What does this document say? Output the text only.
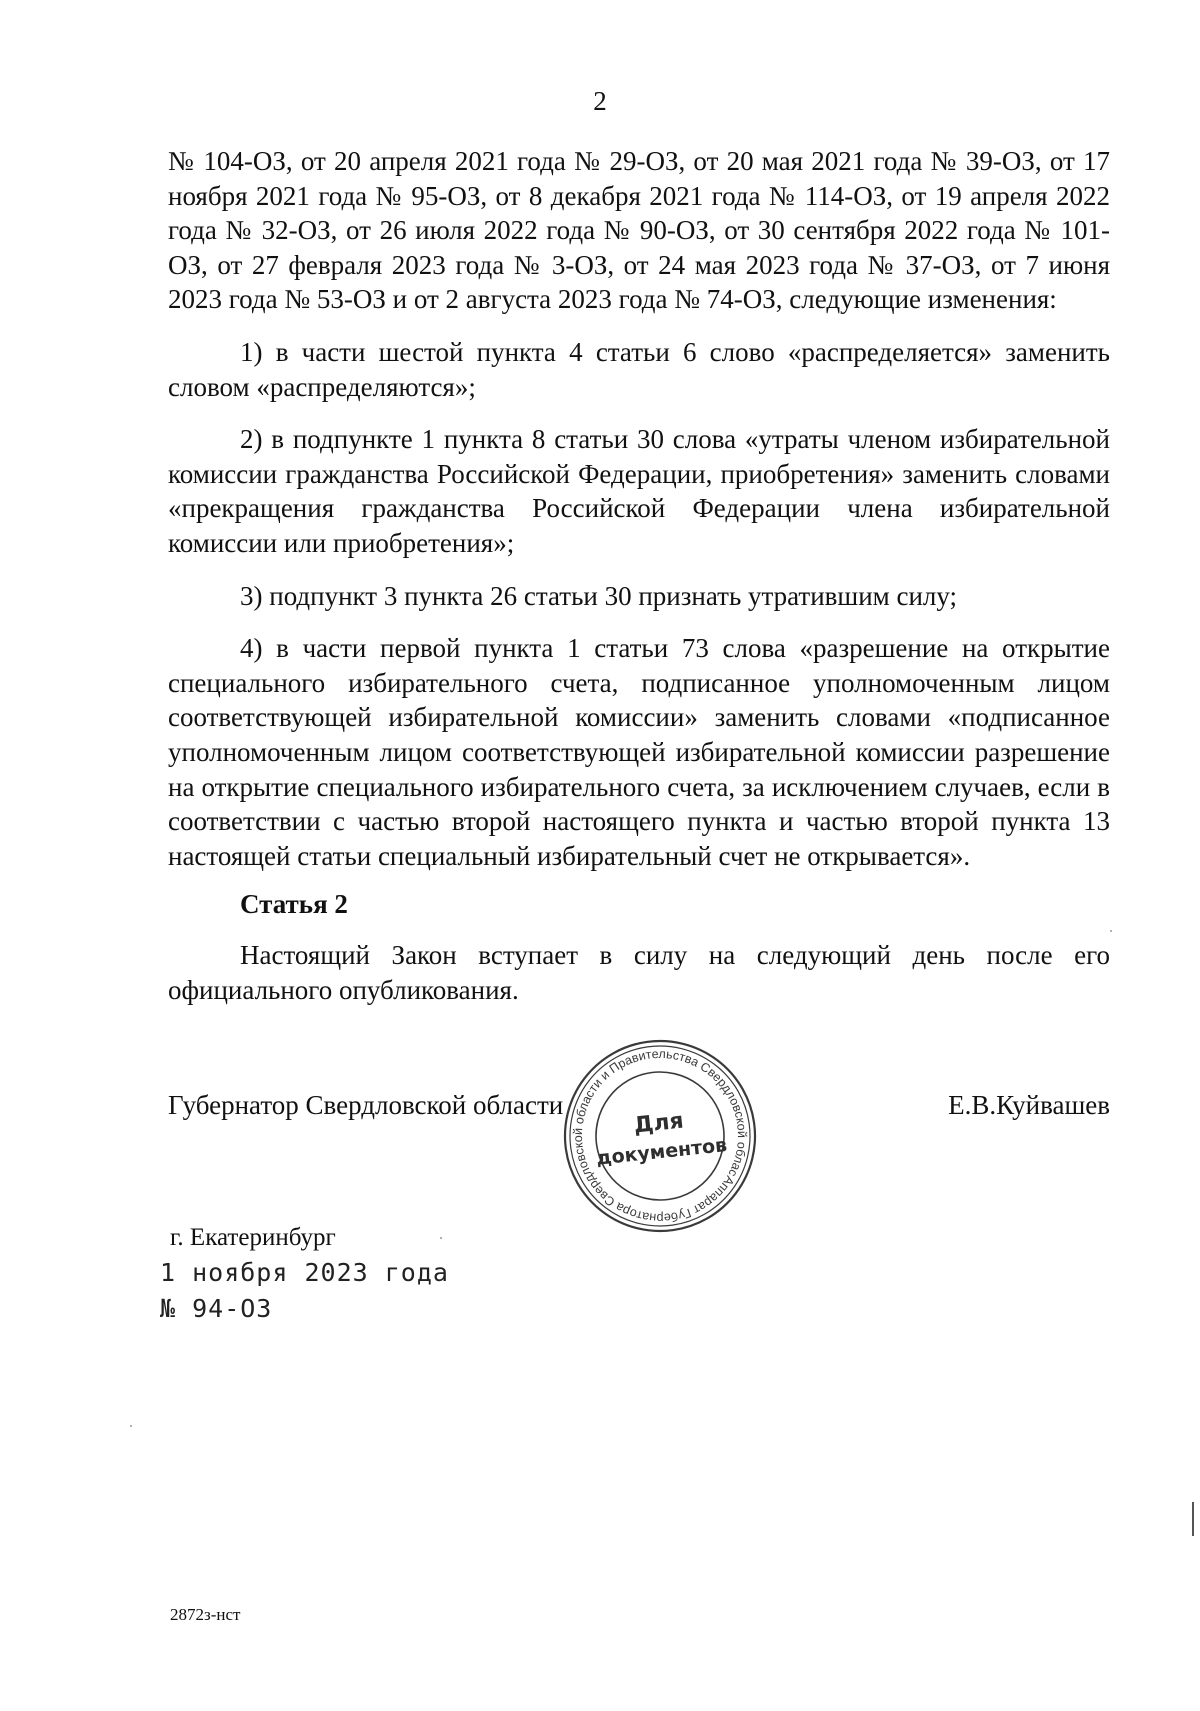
2

№ 104-ОЗ, от 20 апреля 2021 года № 29-ОЗ, от 20 мая 2021 года № 39-ОЗ, от 17 ноября 2021 года № 95-ОЗ, от 8 декабря 2021 года № 114-ОЗ, от 19 апреля 2022 года № 32-ОЗ, от 26 июля 2022 года № 90-ОЗ, от 30 сентября 2022 года № 101-ОЗ, от 27 февраля 2023 года № 3-ОЗ, от 24 мая 2023 года № 37-ОЗ, от 7 июня 2023 года № 53-ОЗ и от 2 августа 2023 года № 74-ОЗ, следующие изменения:

1) в части шестой пункта 4 статьи 6 слово «распределяется» заменить словом «распределяются»;

2) в подпункте 1 пункта 8 статьи 30 слова «утраты членом избирательной комиссии гражданства Российской Федерации, приобретения» заменить словами «прекращения гражданства Российской Федерации члена избирательной комиссии или приобретения»;

3) подпункт 3 пункта 26 статьи 30 признать утратившим силу;

4) в части первой пункта 1 статьи 73 слова «разрешение на открытие специального избирательного счета, подписанное уполномоченным лицом соответствующей избирательной комиссии» заменить словами «подписанное уполномоченным лицом соответствующей избирательной комиссии разрешение на открытие специального избирательного счета, за исключением случаев, если в соответствии с частью второй настоящего пункта и частью второй пункта 13 настоящей статьи специальный избирательный счет не открывается».

Статья 2

Настоящий Закон вступает в силу на следующий день после его официального опубликования.

Губернатор Свердловской области	Е.В.Куйвашев
Аппарат Губернатора Свердловской области и Правительства Свердловской области
Для
документов
г. Екатеринбург
1 ноября 2023 года
№ 94-ОЗ
2872з-нст
